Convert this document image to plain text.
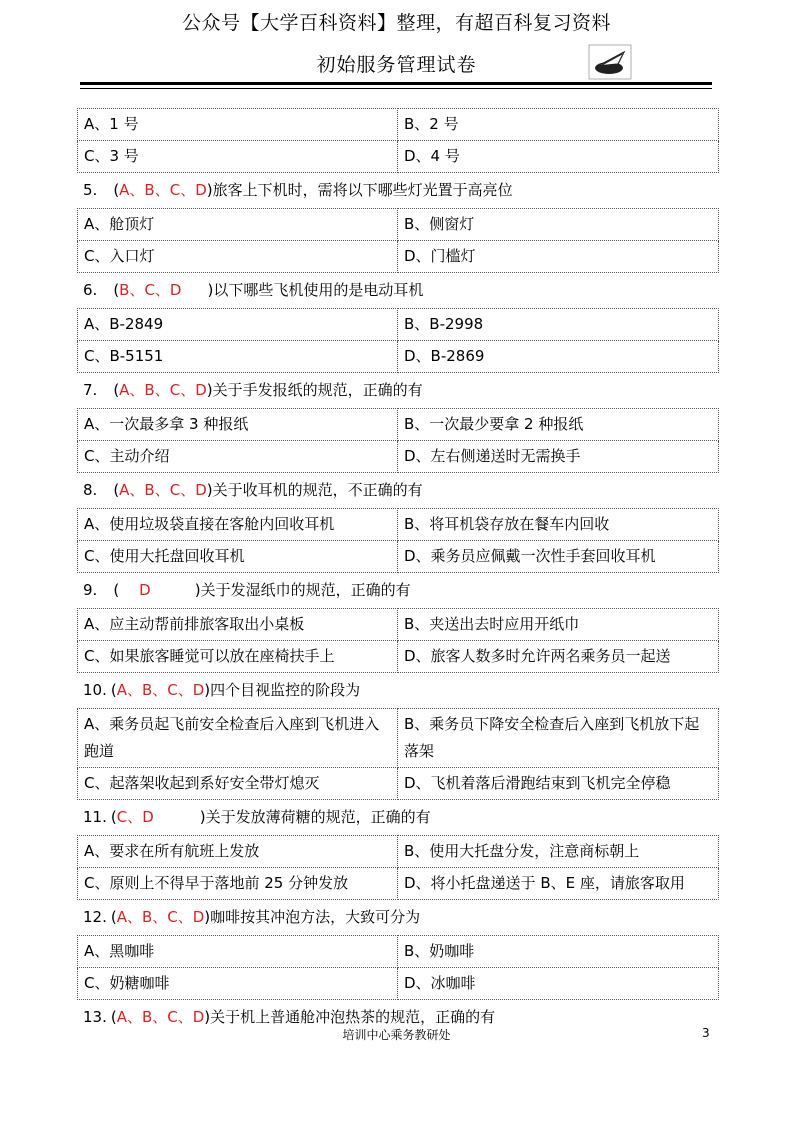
公众号【大学百科资料】整理，有超百科复习资料
初始服务管理试卷
A、1 号	B、2 号
C、3 号	D、4 号
5. (A、B、C、D)旅客上下机时，需将以下哪些灯光置于高亮位
A、舱顶灯	B、侧窗灯
C、入口灯	D、门槛灯
6. (B、C、D )以下哪些飞机使用的是电动耳机
A、B-2849	B、B-2998
C、B-5151	D、B-2869
7. (A、B、C、D)关于手发报纸的规范，正确的有
A、一次最多拿 3 种报纸	B、一次最少要拿 2 种报纸
C、主动介绍	D、左右侧递送时无需换手
8. (A、B、C、D)关于收耳机的规范，不正确的有
A、使用垃圾袋直接在客舱内回收耳机	B、将耳机袋存放在餐车内回收
C、使用大托盘回收耳机	D、乘务员应佩戴一次性手套回收耳机
9. ( D	)关于发湿纸巾的规范，正确的有
A、应主动帮前排旅客取出小桌板	B、夹送出去时应用开纸巾
C、如果旅客睡觉可以放在座椅扶手上	D、旅客人数多时允许两名乘务员一起送
10. (A、B、C、D)四个目视监控的阶段为
A、乘务员起飞前安全检查后入座到飞机进入跑道	B、乘务员下降安全检查后入座到飞机放下起落架
C、起落架收起到系好安全带灯熄灭	D、飞机着落后滑跑结束到飞机完全停稳
11. (C、D	)关于发放薄荷糖的规范，正确的有
A、要求在所有航班上发放	B、使用大托盘分发，注意商标朝上
C、原则上不得早于落地前 25 分钟发放	D、将小托盘递送于 B、E 座，请旅客取用
12. (A、B、C、D)咖啡按其冲泡方法，大致可分为
A、黑咖啡	B、奶咖啡
C、奶糖咖啡	D、冰咖啡
13. (A、B、C、D)关于机上普通舱冲泡热茶的规范，正确的有
培训中心乘务教研处	3
